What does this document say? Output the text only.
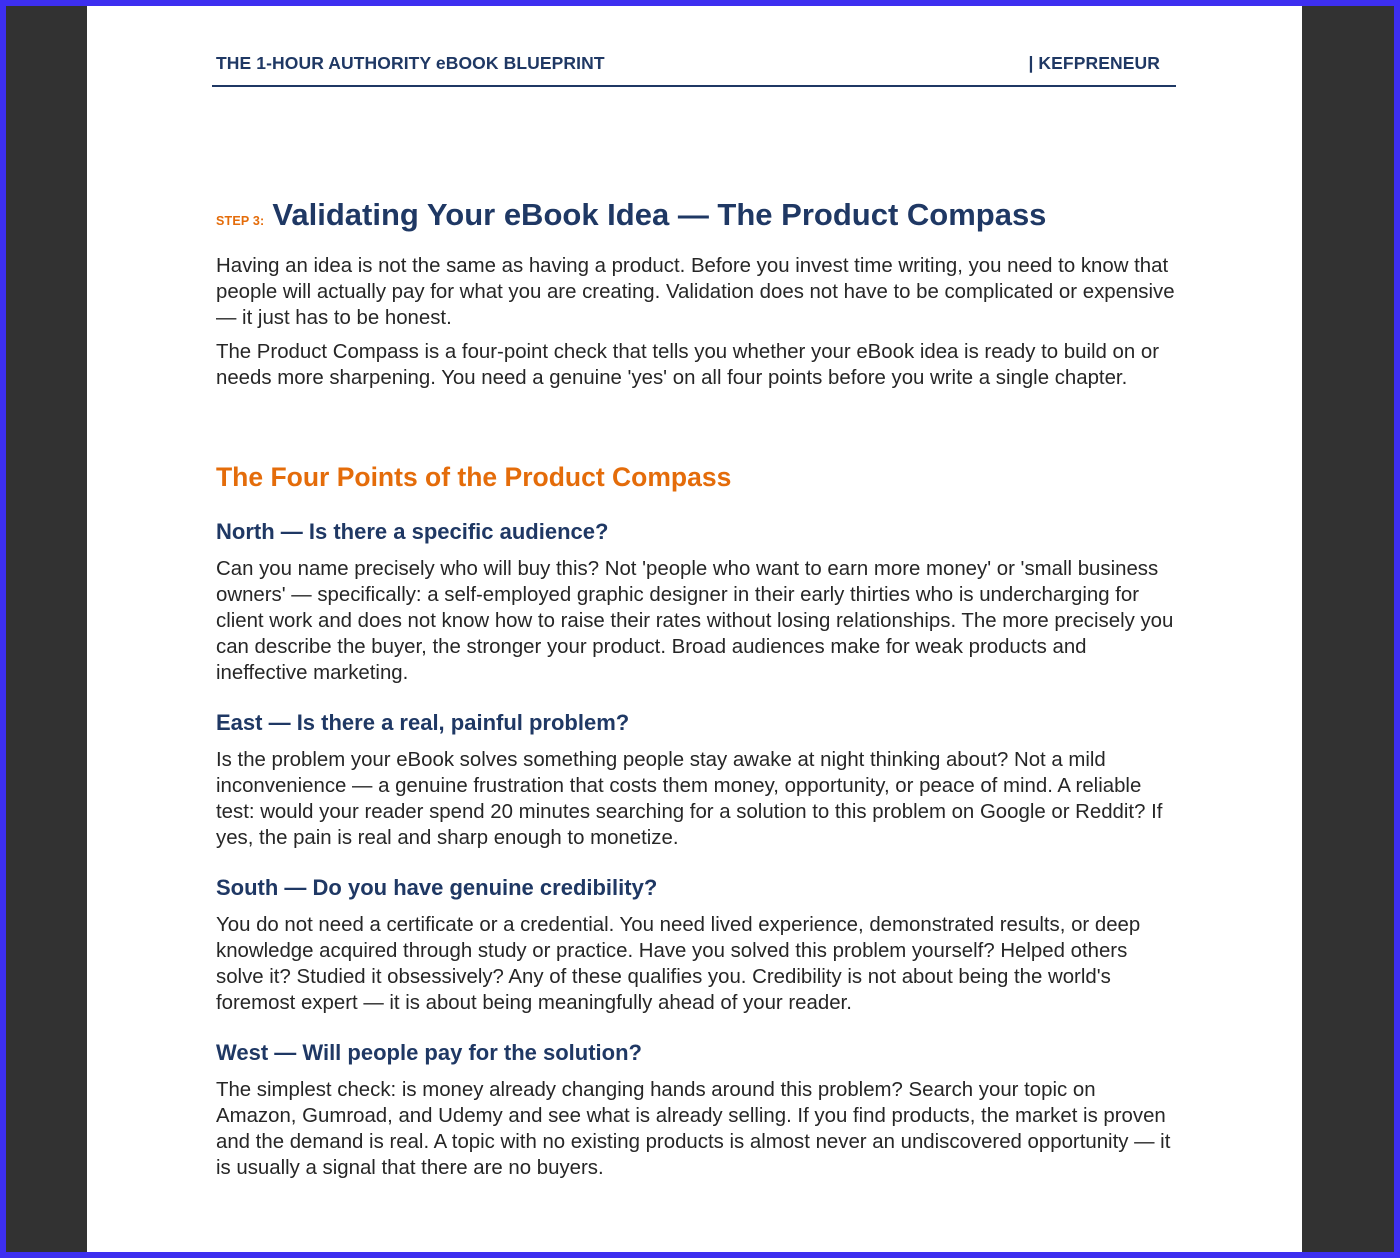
THE 1-HOUR AUTHORITY eBOOK BLUEPRINT	| KEFPRENEUR
STEP 3: Validating Your eBook Idea — The Product Compass

Having an idea is not the same as having a product. Before you invest time writing, you need to know that people will actually pay for what you are creating. Validation does not have to be complicated or expensive — it just has to be honest.

The Product Compass is a four-point check that tells you whether your eBook idea is ready to build on or needs more sharpening. You need a genuine 'yes' on all four points before you write a single chapter.

The Four Points of the Product Compass
North — Is there a specific audience?

Can you name precisely who will buy this? Not 'people who want to earn more money' or 'small business owners' — specifically: a self-employed graphic designer in their early thirties who is undercharging for client work and does not know how to raise their rates without losing relationships. The more precisely you can describe the buyer, the stronger your product. Broad audiences make for weak products and ineffective marketing.

East — Is there a real, painful problem?

Is the problem your eBook solves something people stay awake at night thinking about? Not a mild inconvenience — a genuine frustration that costs them money, opportunity, or peace of mind. A reliable test: would your reader spend 20 minutes searching for a solution to this problem on Google or Reddit? If yes, the pain is real and sharp enough to monetize.

South — Do you have genuine credibility?

You do not need a certificate or a credential. You need lived experience, demonstrated results, or deep knowledge acquired through study or practice. Have you solved this problem yourself? Helped others solve it? Studied it obsessively? Any of these qualifies you. Credibility is not about being the world's foremost expert — it is about being meaningfully ahead of your reader.

West — Will people pay for the solution?

The simplest check: is money already changing hands around this problem? Search your topic on Amazon, Gumroad, and Udemy and see what is already selling. If you find products, the market is proven and the demand is real. A topic with no existing products is almost never an undiscovered opportunity — it is usually a signal that there are no buyers.
